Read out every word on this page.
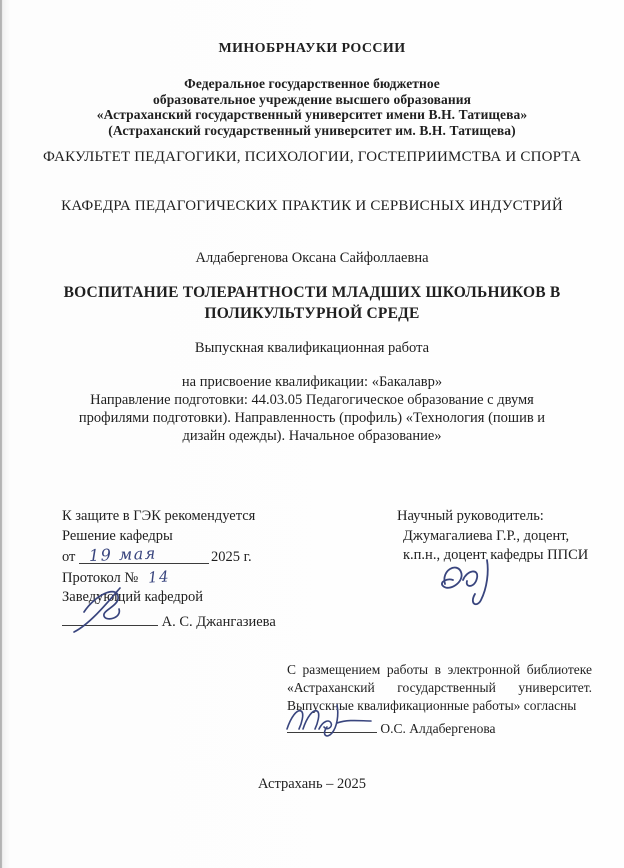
МИНОБРНАУКИ РОССИИ
Федеральное государственное бюджетное
образовательное учреждение высшего образования
«Астраханский государственный университет имени В.Н. Татищева»
(Астраханский государственный университет им. В.Н. Татищева)
ФАКУЛЬТЕТ ПЕДАГОГИКИ, ПСИХОЛОГИИ, ГОСТЕПРИИМСТВА И СПОРТА
КАФЕДРА ПЕДАГОГИЧЕСКИХ ПРАКТИК И СЕРВИСНЫХ ИНДУСТРИЙ
Алдабергенова Оксана Сайфоллаевна
ВОСПИТАНИЕ ТОЛЕРАНТНОСТИ МЛАДШИХ ШКОЛЬНИКОВ В ПОЛИКУЛЬТУРНОЙ СРЕДЕ
Выпускная квалификационная работа
на присвоение квалификации: «Бакалавр»
Направление подготовки: 44.03.05 Педагогическое образование с двумя профилями подготовки). Направленность (профиль) «Технология (пошив и дизайн одежды). Начальное образование»
К защите в ГЭК рекомендуется
Решение кафедры
от 19 мая	2025 г.
Протокол № 14
Заведующий кафедрой
А. С. Джангазиева
Научный руководитель:
Джумагалиева Г.Р., доцент,
к.п.н., доцент кафедры ППСИ
С размещением работы в электронной библиотеке «Астраханский государственный университет. Выпускные квалификационные работы» согласны
О.С. Алдабергенова
Астрахань – 2025
